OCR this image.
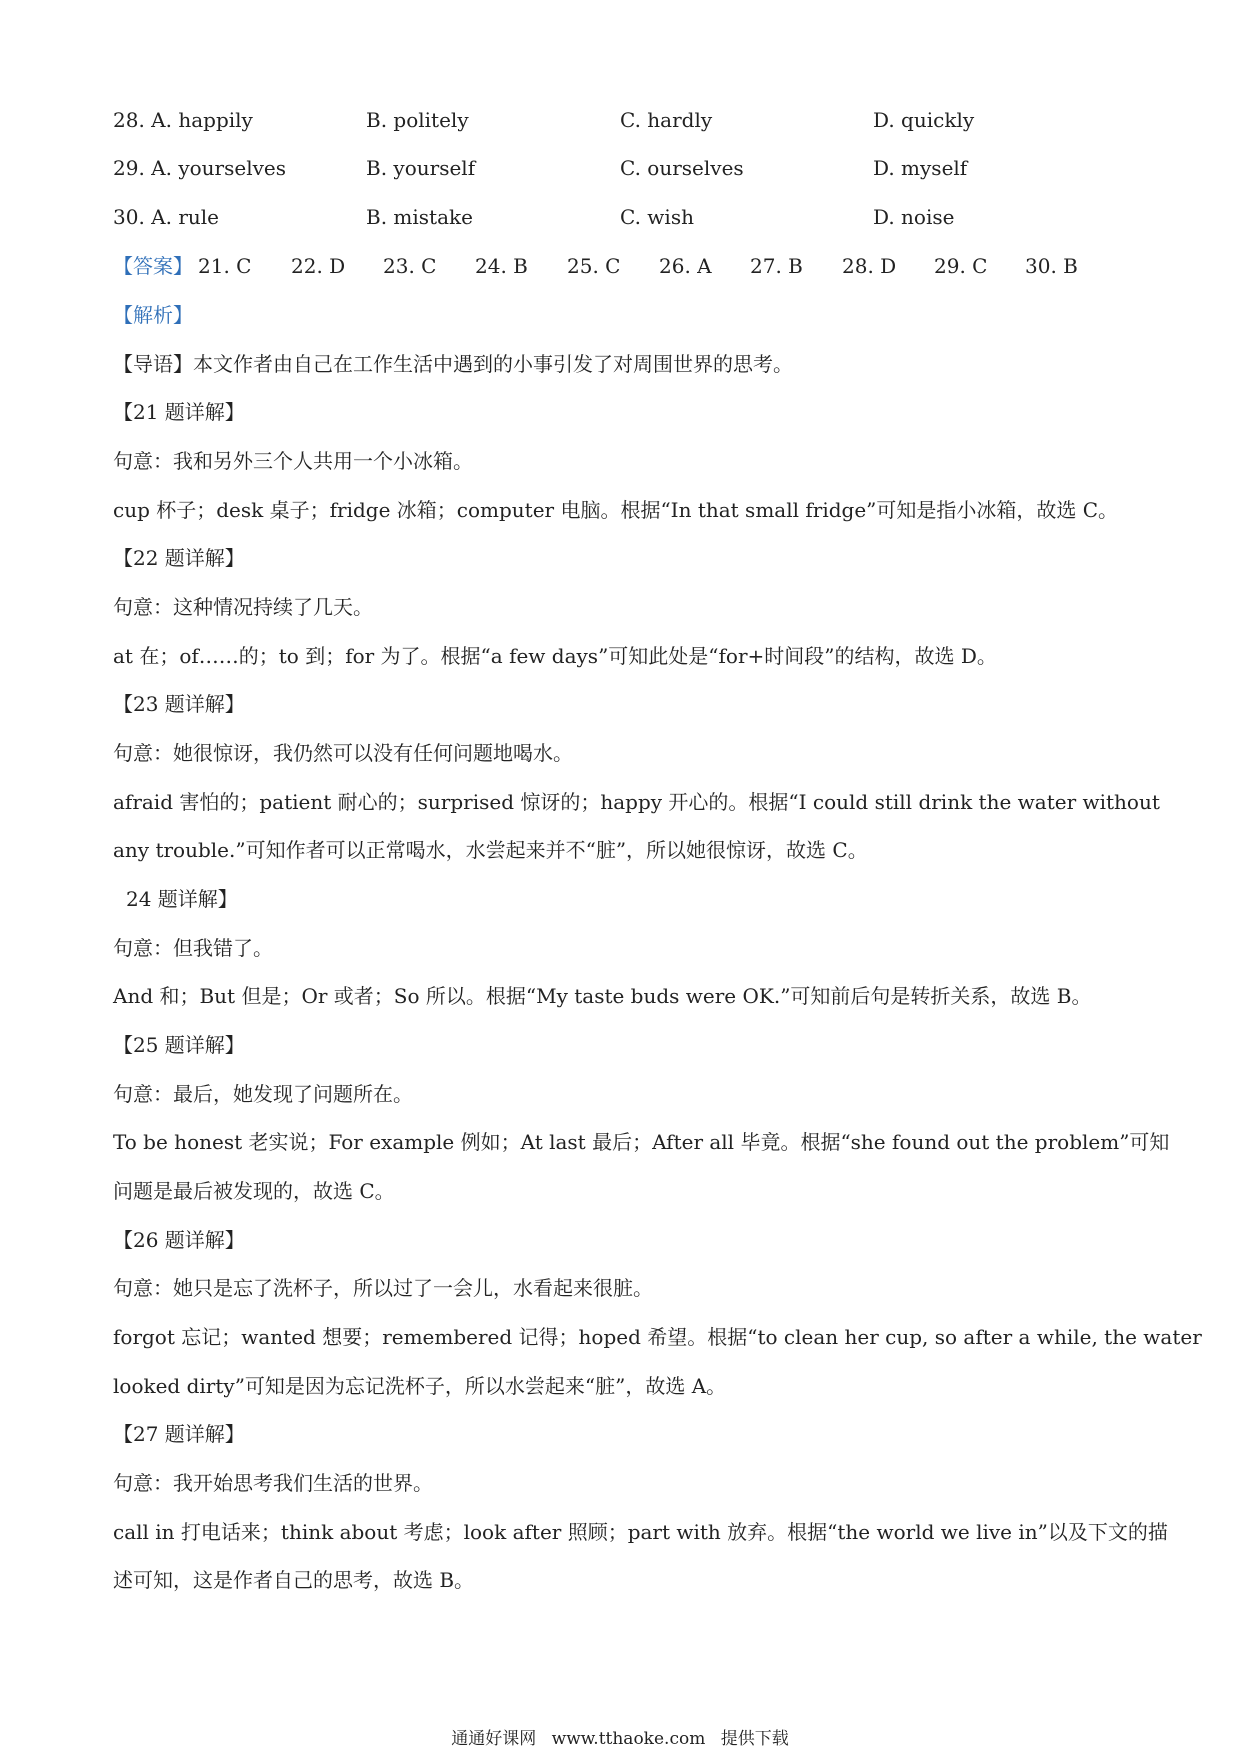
28. A. happily	B. politely	C. hardly	D. quickly
29. A. yourselves	B. yourself	C. ourselves	D. myself
30. A. rule	B. mistake	C. wish	D. noise
【答案】 21. C 22. D 23. C 24. B 25. C 26. A 27. B 28. D 29. C 30. B
【解析】
【导语】本文作者由自己在工作生活中遇到的小事引发了对周围世界的思考。
【21 题详解】
句意：我和另外三个人共用一个小冰箱。
cup 杯子；desk 桌子；fridge 冰箱；computer 电脑。根据“In that small fridge”可知是指小冰箱，故选 C。
【22 题详解】
句意：这种情况持续了几天。
at 在；of……的；to 到；for 为了。根据“a few days”可知此处是“for+时间段”的结构，故选 D。
【23 题详解】
句意：她很惊讶，我仍然可以没有任何问题地喝水。
afraid 害怕的；patient 耐心的；surprised 惊讶的；happy 开心的。根据“I could still drink the water without
any trouble.”可知作者可以正常喝水，水尝起来并不“脏”，所以她很惊讶，故选 C。
24 题详解】
句意：但我错了。
And 和；But 但是；Or 或者；So 所以。根据“My taste buds were OK.”可知前后句是转折关系，故选 B。
【25 题详解】
句意：最后，她发现了问题所在。
To be honest 老实说；For example 例如；At last 最后；After all 毕竟。根据“she found out the problem”可知
问题是最后被发现的，故选 C。
【26 题详解】
句意：她只是忘了洗杯子，所以过了一会儿，水看起来很脏。
forgot 忘记；wanted 想要；remembered 记得；hoped 希望。根据“to clean her cup, so after a while, the water
looked dirty”可知是因为忘记洗杯子，所以水尝起来“脏”，故选 A。
【27 题详解】
句意：我开始思考我们生活的世界。
call in 打电话来；think about 考虑；look after 照顾；part with 放弃。根据“the world we live in”以及下文的描
述可知，这是作者自己的思考，故选 B。
通通好课网 www.tthaoke.com 提供下载
